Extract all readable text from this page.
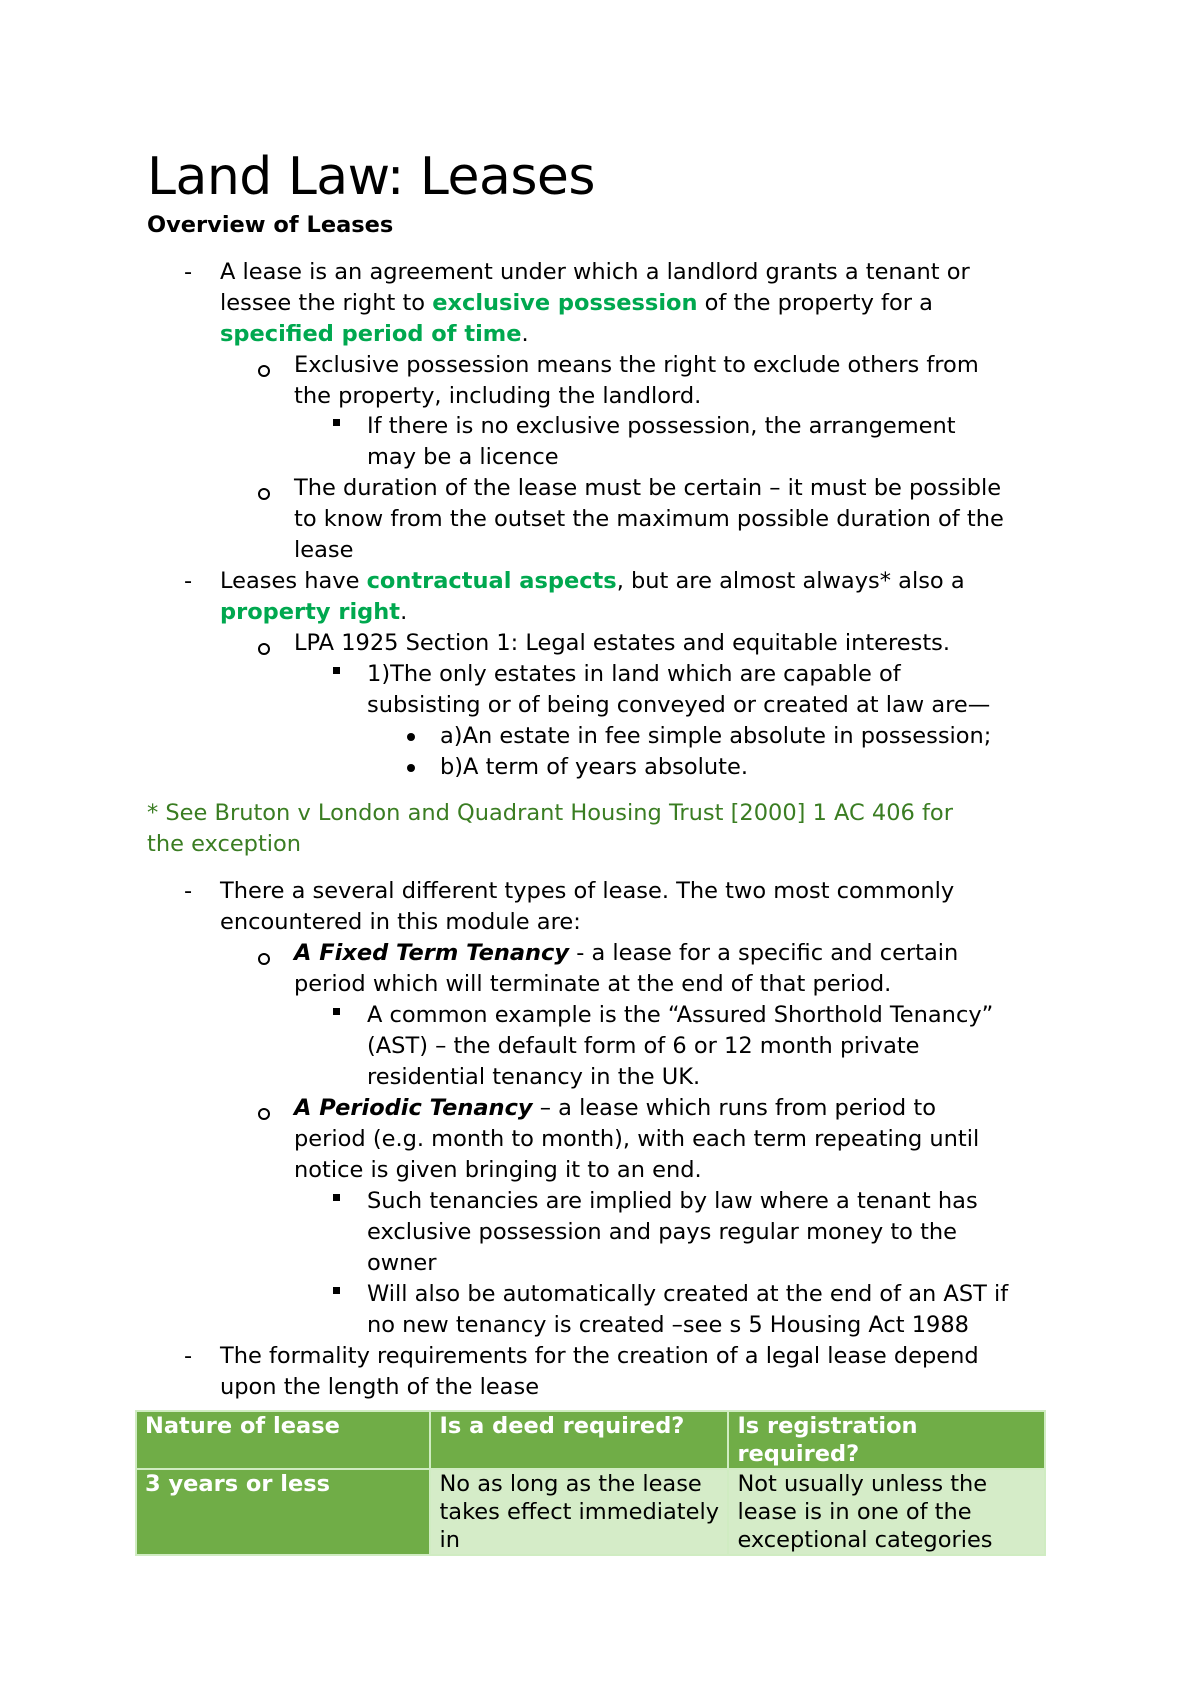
Land Law: Leases
Overview of Leases
- A lease is an agreement under which a landlord grants a tenant or
lessee the right to exclusive possession of the property for a
specified period of time.
Exclusive possession means the right to exclude others from
the property, including the landlord.
If there is no exclusive possession, the arrangement
may be a licence
The duration of the lease must be certain – it must be possible
to know from the outset the maximum possible duration of the
lease
- Leases have contractual aspects, but are almost always* also a
property right.
LPA 1925 Section 1: Legal estates and equitable interests.
1)The only estates in land which are capable of
subsisting or of being conveyed or created at law are—
a)An estate in fee simple absolute in possession;
b)A term of years absolute.
* See Bruton v London and Quadrant Housing Trust [2000] 1 AC 406 for
the exception
- There a several different types of lease. The two most commonly
encountered in this module are:
A Fixed Term Tenancy - a lease for a specific and certain
period which will terminate at the end of that period.
A common example is the “Assured Shorthold Tenancy”
(AST) – the default form of 6 or 12 month private
residential tenancy in the UK.
A Periodic Tenancy – a lease which runs from period to
period (e.g. month to month), with each term repeating until
notice is given bringing it to an end.
Such tenancies are implied by law where a tenant has
exclusive possession and pays regular money to the
owner
Will also be automatically created at the end of an AST if
no new tenancy is created –see s 5 Housing Act 1988
- The formality requirements for the creation of a legal lease depend
upon the length of the lease
Nature of lease	Is a deed required?	Is registration required?
3 years or less	No as long as the lease takes effect immediately in	Not usually unless the lease is in one of the exceptional categories
